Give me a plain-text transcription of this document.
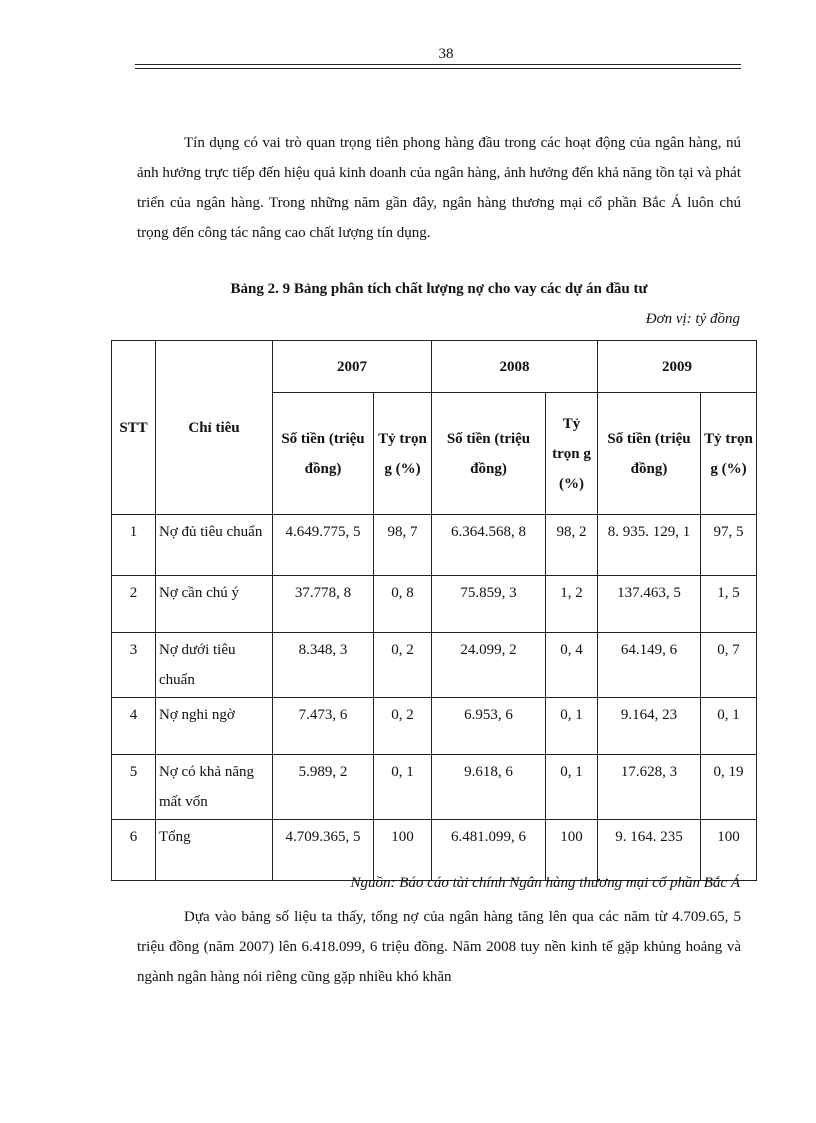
38

Tín dụng có vai trò quan trọng tiên phong hàng đầu trong các hoạt động của ngân hàng, nú ảnh hưởng trực tiếp đến hiệu quả kinh doanh của ngân hàng, ảnh hưởng đến khả năng tồn tại và phát triển của ngân hàng. Trong những năm gần đây, ngân hàng thương mại cổ phần Bắc Á luôn chú trọng đến công tác nâng cao chất lượng tín dụng.

Bảng 2. 9 Bảng phân tích chất lượng nợ cho vay các dự án đầu tư
Đơn vị: tỷ đồng
STT	Chỉ tiêu	2007		2008		2009	
		Số tiền (triệu đồng)	Tỷ trọn g (%)	Số tiền (triệu đồng)	Tỷ trọn g (%)	Số tiền (triệu đồng)	Tỷ trọn g (%)
1	Nợ đủ tiêu chuẩn	4.649.775, 5	98, 7	6.364.568, 8	98, 2	8. 935. 129, 1	97, 5
2	Nợ cần chú ý	37.778, 8	0, 8	75.859, 3	1, 2	137.463, 5	1, 5
3	Nợ dưới tiêu chuẩn	8.348, 3	0, 2	24.099, 2	0, 4	64.149, 6	0, 7
4	Nợ nghi ngờ	7.473, 6	0, 2	6.953, 6	0, 1	9.164, 23	0, 1
5	Nợ có khả năng mất vốn	5.989, 2	0, 1	9.618, 6	0, 1	17.628, 3	0, 19
6	Tổng	4.709.365, 5	100	6.481.099, 6	100	9. 164. 235	100
Nguồn: Báo cáo tài chính Ngân hàng thương mại cổ phần Bắc Á

Dựa vào bảng số liệu ta thấy, tổng nợ của ngân hàng tăng lên qua các năm từ 4.709.65, 5 triệu đồng (năm 2007) lên 6.418.099, 6 triệu đồng. Năm 2008 tuy nền kinh tế gặp khủng hoảng và ngành ngân hàng nói riêng cũng gặp nhiều khó khăn
